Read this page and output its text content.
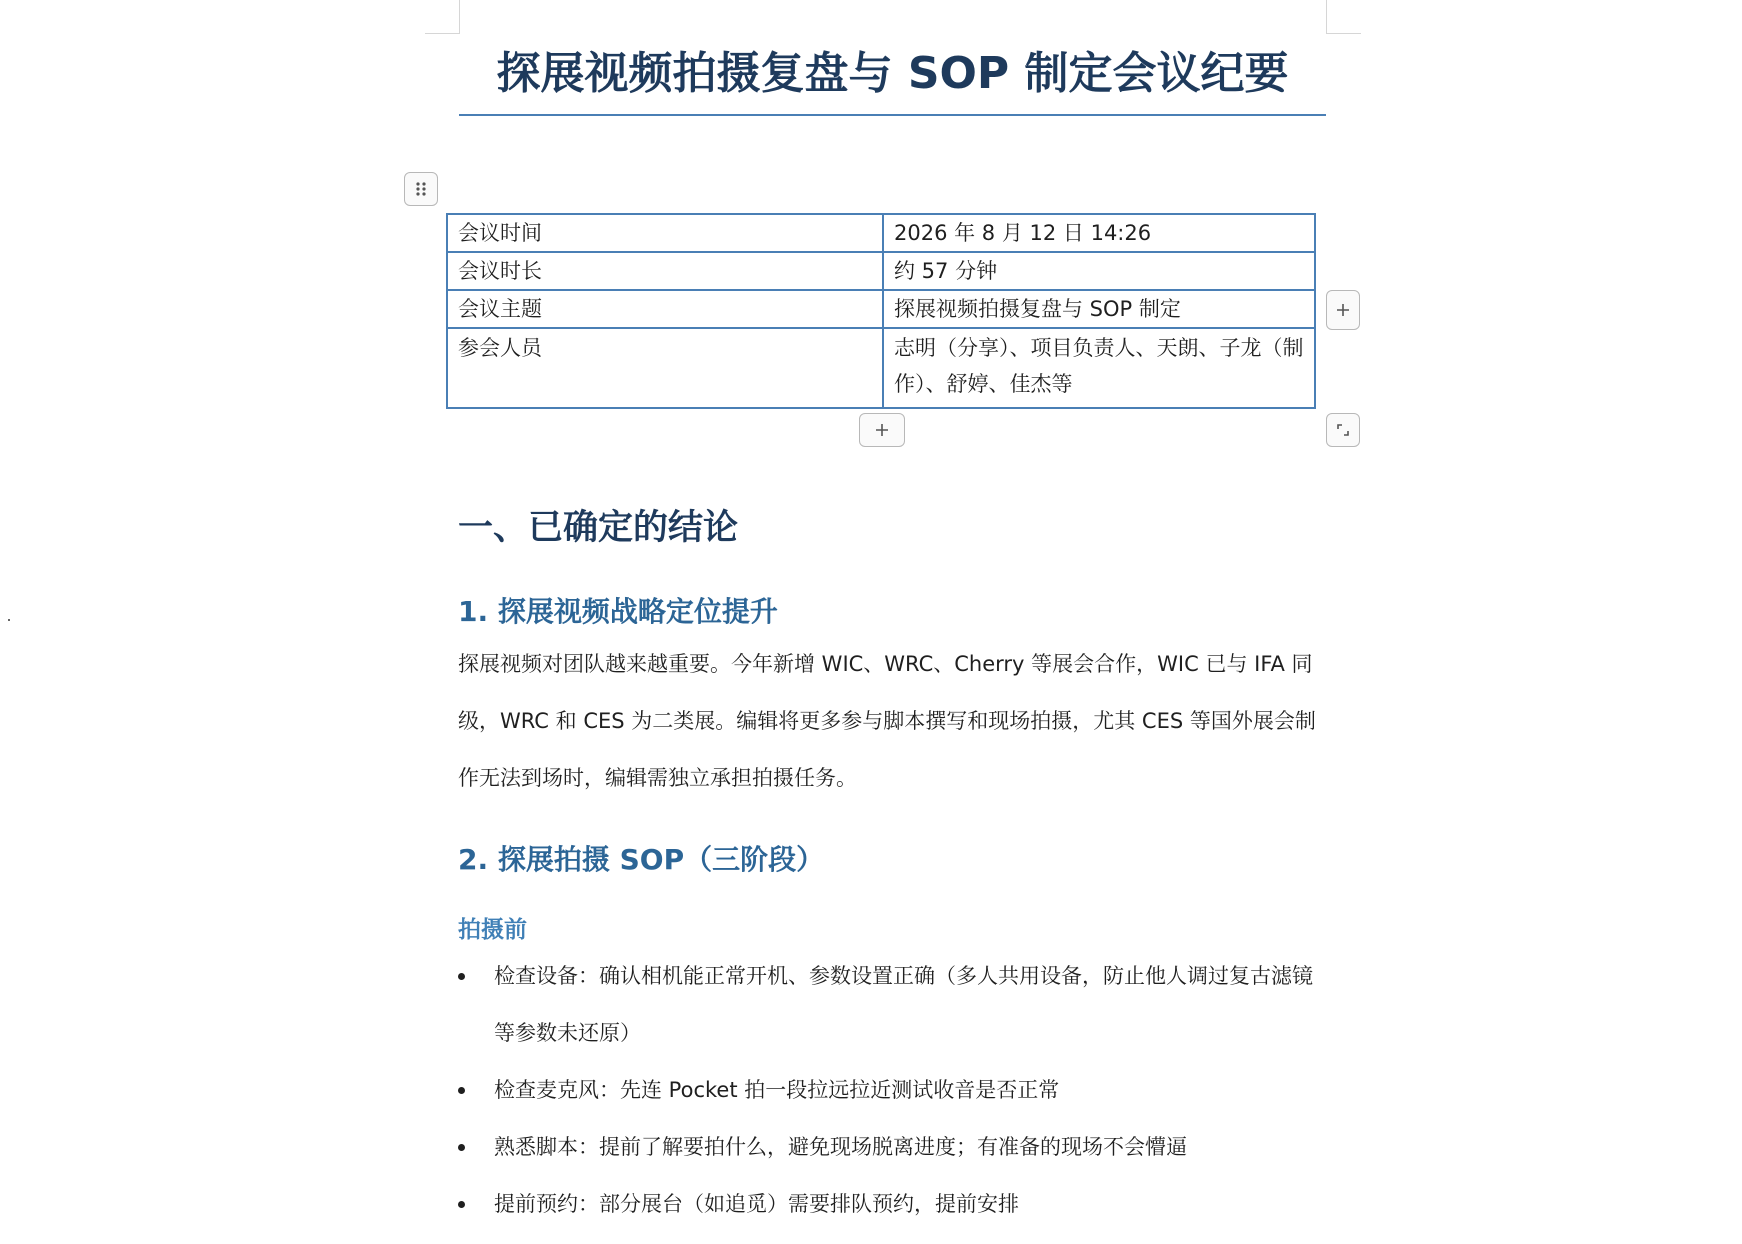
探展视频拍摄复盘与 SOP 制定会议纪要
会议时间	2026 年 8 月 12 日 14:26
会议时长	约 57 分钟
会议主题	探展视频拍摄复盘与 SOP 制定
参会人员	志明（分享）、项目负责人、天朗、子龙（制作）、舒婷、佳杰等
一、已确定的结论
1. 探展视频战略定位提升
探展视频对团队越来越重要。今年新增 WIC、WRC、Cherry 等展会合作，WIC 已与 IFA 同级，WRC 和 CES 为二类展。编辑将更多参与脚本撰写和现场拍摄，尤其 CES 等国外展会制作无法到场时，编辑需独立承担拍摄任务。
2. 探展拍摄 SOP（三阶段）
拍摄前
检查设备：确认相机能正常开机、参数设置正确（多人共用设备，防止他人调过复古滤镜等参数未还原）
检查麦克风：先连 Pocket 拍一段拉远拉近测试收音是否正常
熟悉脚本：提前了解要拍什么，避免现场脱离进度；有准备的现场不会懵逼
提前预约：部分展台（如追觅）需要排队预约，提前安排
